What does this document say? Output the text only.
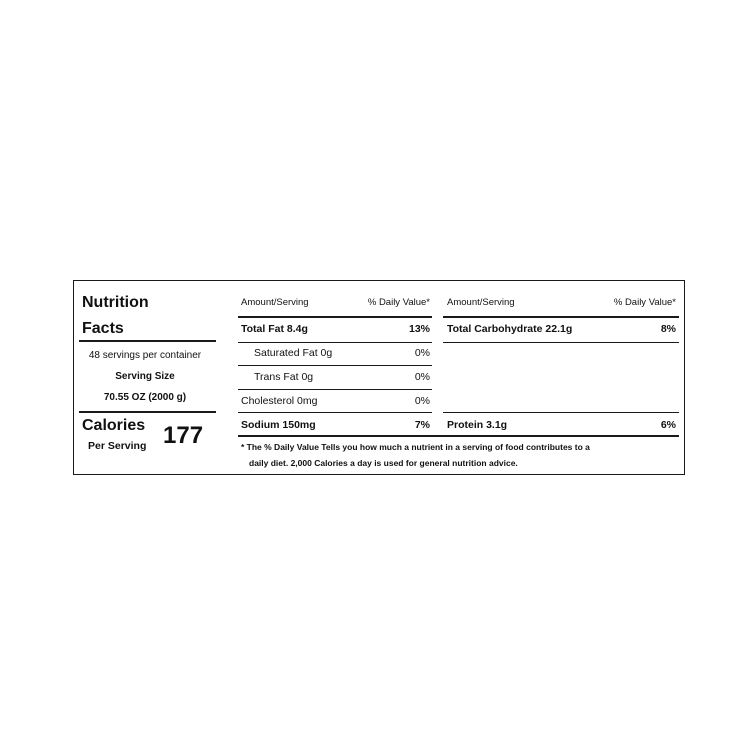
Nutrition
Facts
48 servings per container
Serving Size
70.55 OZ (2000 g)
Calories
Per Serving 177
Amount/Serving	% Daily Value*
Total Fat 8.4g	13%
Saturated Fat 0g	0%
Trans Fat 0g	0%
Cholesterol 0mg	0%
Sodium 150mg	7%
Amount/Serving	% Daily Value*
Total Carbohydrate 22.1g	8%
Protein 3.1g	6%
* The % Daily Value Tells you how much a nutrient in a serving of food contributes to a
daily diet. 2,000 Calories a day is used for general nutrition advice.
